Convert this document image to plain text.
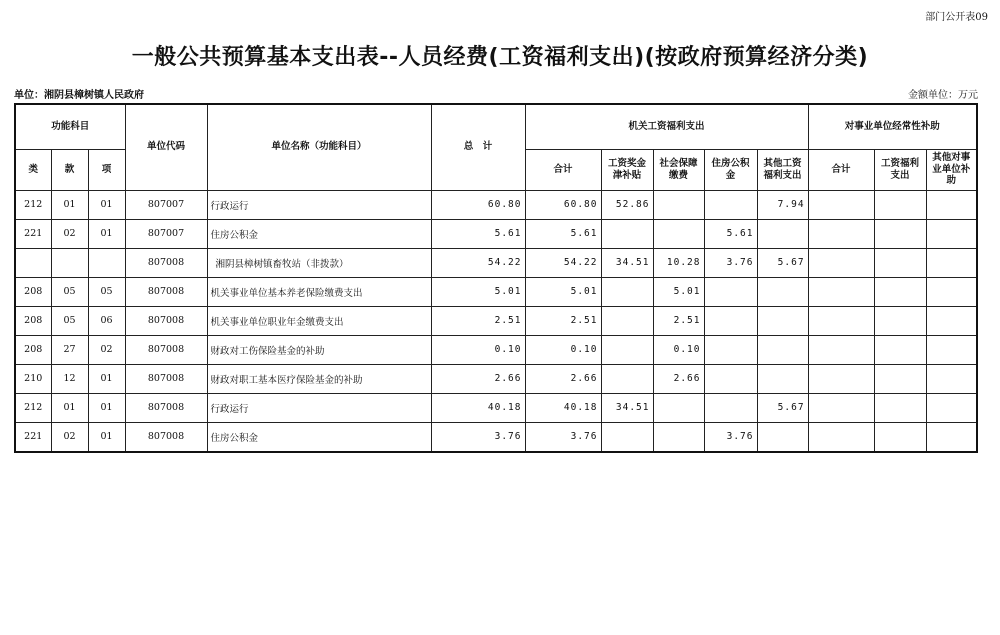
部门公开表09
一般公共预算基本支出表--人员经费(工资福利支出)(按政府预算经济分类)
单位：湘阴县樟树镇人民政府	金额单位：万元
功能科目			单位代码	单位名称（功能科目）	总　计	机关工资福利支出					对事业单位经常性补助		
类	款	项				合计	工资奖金津补贴	社会保障缴费	住房公积金	其他工资福利支出	合计	工资福利支出	其他对事业单位补助
212	01	01	807007	行政运行	60.80	60.80	52.86			7.94			
221	02	01	807007	住房公积金	5.61	5.61			5.61				
			807008	湘阴县樟树镇畜牧站（非拨款）	54.22	54.22	34.51	10.28	3.76	5.67			
208	05	05	807008	机关事业单位基本养老保险缴费支出	5.01	5.01		5.01					
208	05	06	807008	机关事业单位职业年金缴费支出	2.51	2.51		2.51					
208	27	02	807008	财政对工伤保险基金的补助	0.10	0.10		0.10					
210	12	01	807008	财政对职工基本医疗保险基金的补助	2.66	2.66		2.66					
212	01	01	807008	行政运行	40.18	40.18	34.51			5.67			
221	02	01	807008	住房公积金	3.76	3.76			3.76				
